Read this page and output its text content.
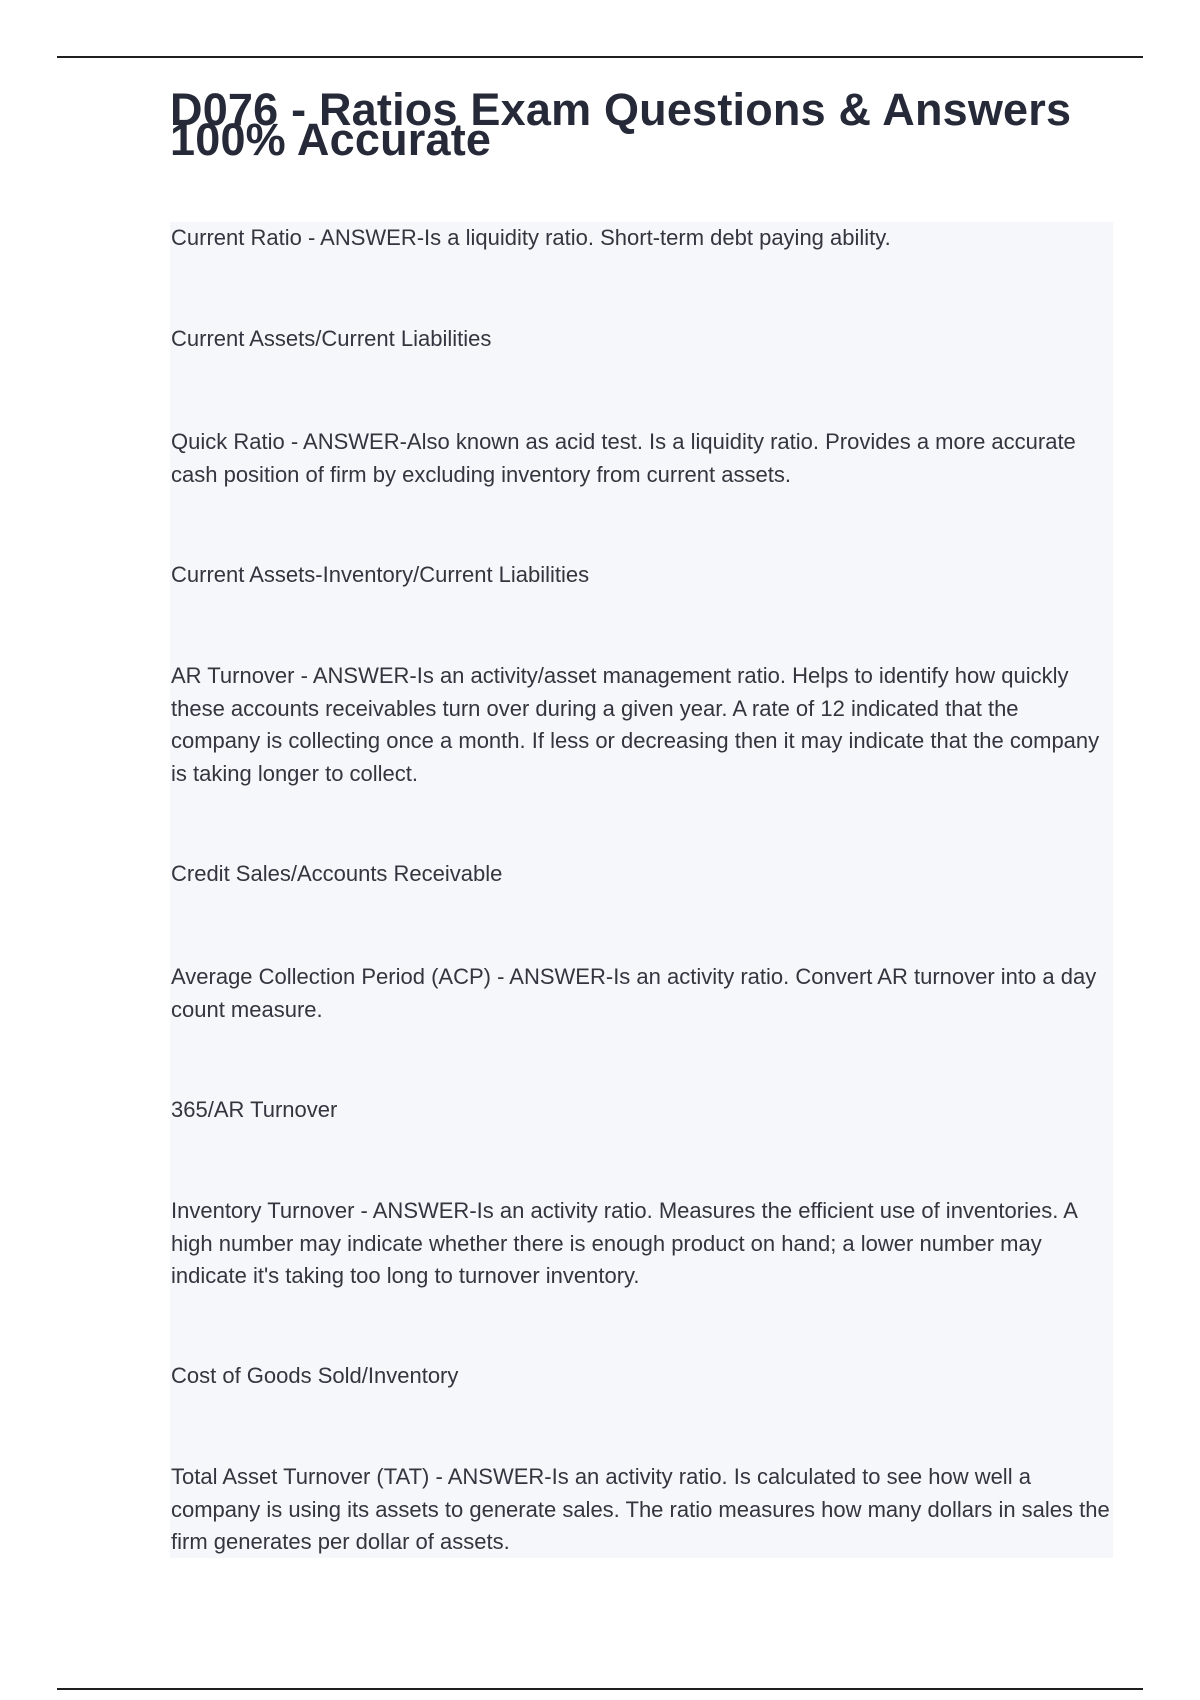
D076 - Ratios Exam Questions & Answers 100% Accurate

Current Ratio - ANSWER-Is a liquidity ratio. Short-term debt paying ability.

Current Assets/Current Liabilities

Quick Ratio - ANSWER-Also known as acid test. Is a liquidity ratio. Provides a more accurate cash position of firm by excluding inventory from current assets.

Current Assets-Inventory/Current Liabilities

AR Turnover - ANSWER-Is an activity/asset management ratio. Helps to identify how quickly these accounts receivables turn over during a given year. A rate of 12 indicated that the company is collecting once a month. If less or decreasing then it may indicate that the company is taking longer to collect.

Credit Sales/Accounts Receivable

Average Collection Period (ACP) - ANSWER-Is an activity ratio. Convert AR turnover into a day count measure.

365/AR Turnover

Inventory Turnover - ANSWER-Is an activity ratio. Measures the efficient use of inventories. A high number may indicate whether there is enough product on hand; a lower number may indicate it's taking too long to turnover inventory.

Cost of Goods Sold/Inventory

Total Asset Turnover (TAT) - ANSWER-Is an activity ratio. Is calculated to see how well a company is using its assets to generate sales. The ratio measures how many dollars in sales the firm generates per dollar of assets.
